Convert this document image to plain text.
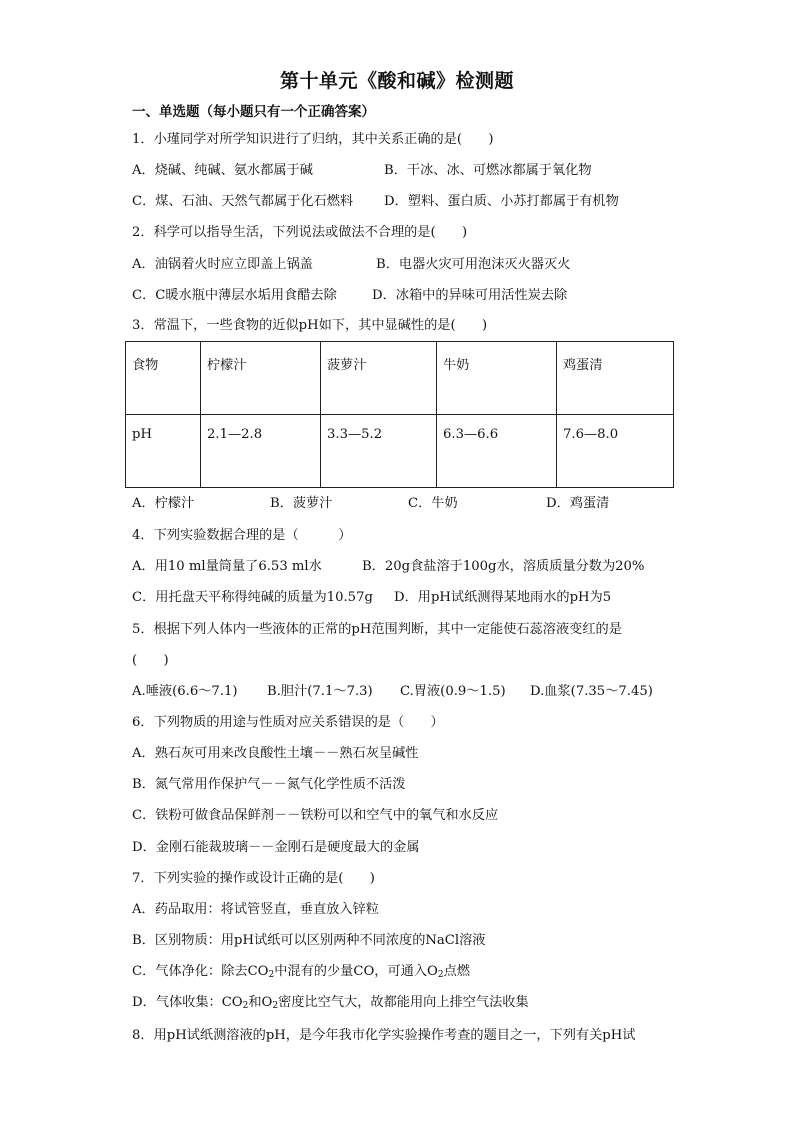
第十单元《酸和碱》检测题
一、单选题（每小题只有一个正确答案）
1．小瑾同学对所学知识进行了归纳，其中关系正确的是(　　)
A．烧碱、纯碱、氨水都属于碱	B．干冰、冰、可燃冰都属于氧化物
C．煤、石油、天然气都属于化石燃料 D．塑料、蛋白质、小苏打都属于有机物
2．科学可以指导生活，下列说法或做法不合理的是(　　)
A．油锅着火时应立即盖上锅盖	B．电器火灾可用泡沫灭火器灭火
C．C暖水瓶中薄层水垢用食醋去除	D．冰箱中的异味可用活性炭去除
3．常温下，一些食物的近似pH如下，其中显碱性的是(　　)
食物	柠檬汁	菠萝汁	牛奶	鸡蛋清
pH	2.1—2.8	3.3—5.2	6.3—6.6	7.6—8.0
A．柠檬汁	B．菠萝汁	C．牛奶	D．鸡蛋清
4．下列实验数据合理的是（　　　）
A．用10 ml量筒量了6.53 ml水	B．20g食盐溶于100g水，溶质质量分数为20%
C．用托盘天平称得纯碱的质量为10.57g D．用pH试纸测得某地雨水的pH为5
5．根据下列人体内一些液体的正常的pH范围判断，其中一定能使石蕊溶液变红的是
(　　)
A.唾液(6.6～7.1) B.胆汁(7.1～7.3) C.胃液(0.9～1.5) D.血浆(7.35～7.45)
6．下列物质的用途与性质对应关系错误的是（　　）
A．熟石灰可用来改良酸性土壤－－熟石灰呈碱性
B．氮气常用作保护气－－氮气化学性质不活泼
C．铁粉可做食品保鲜剂－－铁粉可以和空气中的氧气和水反应
D．金刚石能裁玻璃－－金刚石是硬度最大的金属
7．下列实验的操作或设计正确的是(　　)
A．药品取用：将试管竖直，垂直放入锌粒
B．区别物质：用pH试纸可以区别两种不同浓度的NaCl溶液
C．气体净化：除去$CO_2$中混有的少量CO，可通入$O_2$点燃
D．气体收集：$CO_2$和$O_2$密度比空气大，故都能用向上排空气法收集
8．用pH试纸测溶液的pH，是今年我市化学实验操作考查的题目之一，下列有关pH试
